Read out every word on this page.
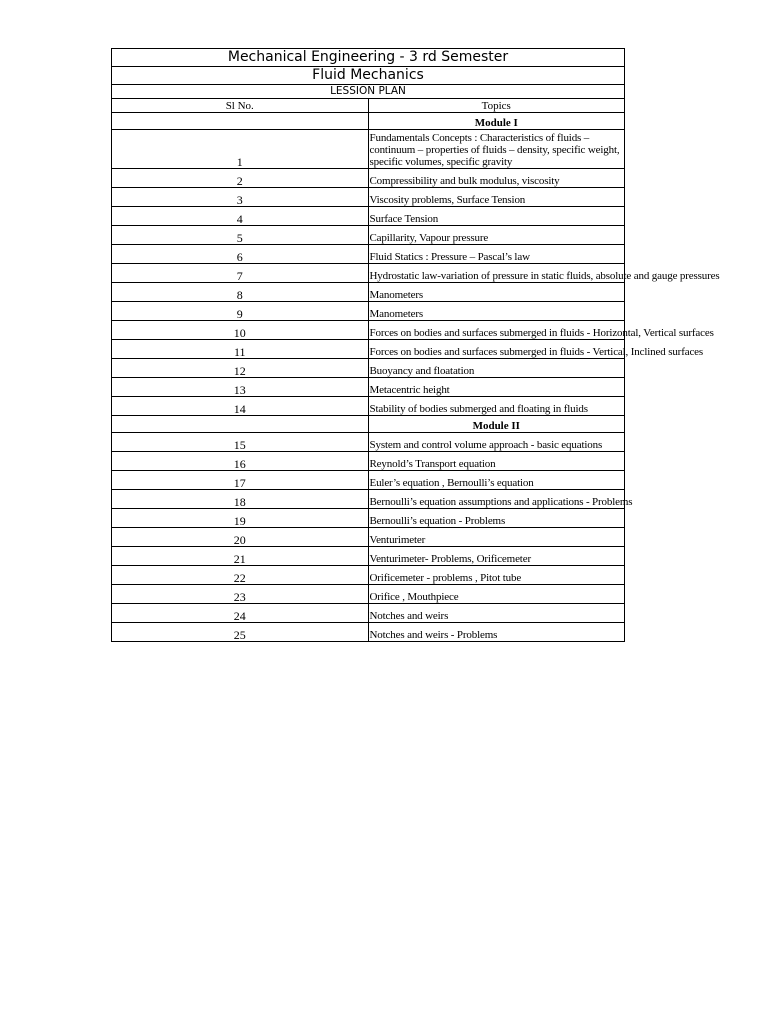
Mechanical Engineering - 3 rd Semester	
Fluid Mechanics	
LESSION PLAN	
Sl No.	Topics
	Module I
1	Fundamentals Concepts : Characteristics of fluids – continuum – properties of fluids – density, specific weight, specific volumes, specific gravity
2	Compressibility and bulk modulus, viscosity
3	Viscosity problems, Surface Tension
4	Surface Tension
5	Capillarity, Vapour pressure
6	Fluid Statics : Pressure – Pascal’s law
7	Hydrostatic law-variation of pressure in static fluids, absolute and gauge pressures
8	Manometers
9	Manometers
10	Forces on bodies and surfaces submerged in fluids - Horizontal, Vertical surfaces
11	Forces on bodies and surfaces submerged in fluids - Vertical, Inclined surfaces
12	Buoyancy and floatation
13	Metacentric height
14	Stability of bodies submerged and floating in fluids
	Module II
15	System and control volume approach - basic equations
16	Reynold’s Transport equation
17	Euler’s equation , Bernoulli’s equation
18	Bernoulli’s equation assumptions and applications - Problems
19	Bernoulli’s equation - Problems
20	Venturimeter
21	Venturimeter- Problems, Orificemeter
22	Orificemeter - problems , Pitot tube
23	Orifice , Mouthpiece
24	Notches and weirs
25	Notches and weirs - Problems
